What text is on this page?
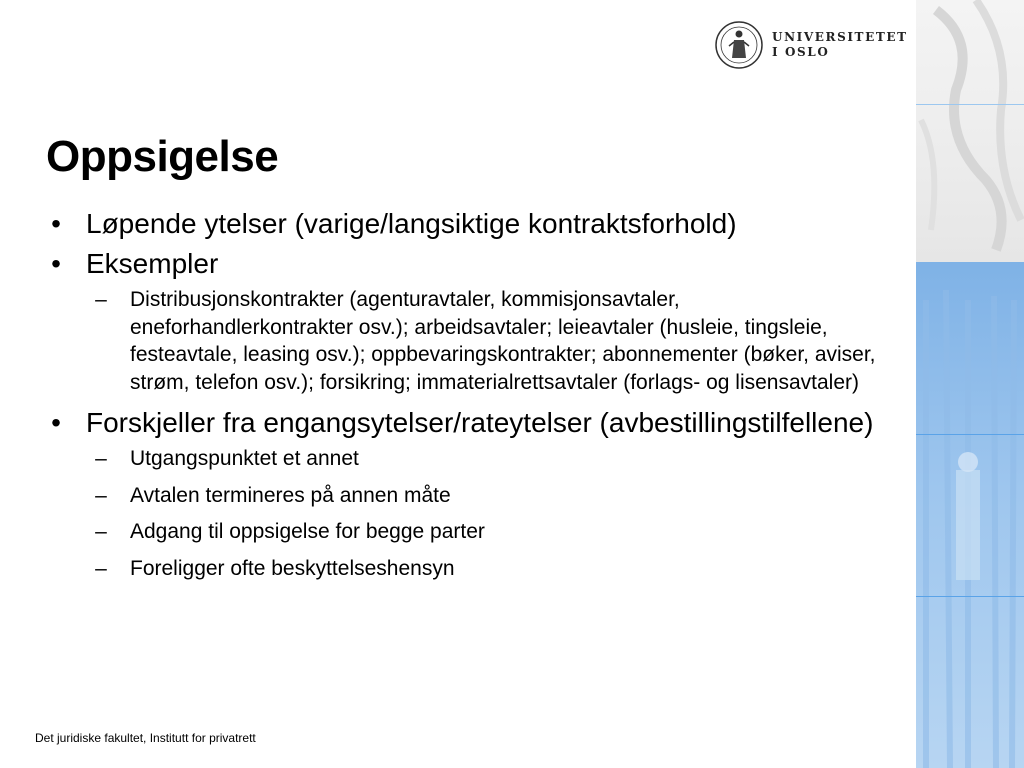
UNIVERSITETET
I OSLO
Oppsigelse
• Løpende ytelser (varige/langsiktige kontraktsforhold)
• Eksempler
–	Distribusjonskontrakter (agenturavtaler, kommisjonsavtaler, eneforhandlerkontrakter osv.); arbeidsavtaler; leieavtaler (husleie, tingsleie, festeavtale, leasing osv.); oppbevaringskontrakter; abonnementer (bøker, aviser, strøm, telefon osv.); forsikring; immaterialrettsavtaler (forlags- og lisensavtaler)
• Forskjeller fra engangsytelser/rateytelser (avbestillingstilfellene)
–	Utgangspunktet et annet
–	Avtalen termineres på annen måte
–	Adgang til oppsigelse for begge parter
–	Foreligger ofte beskyttelseshensyn
Det juridiske fakultet, Institutt for privatrett
